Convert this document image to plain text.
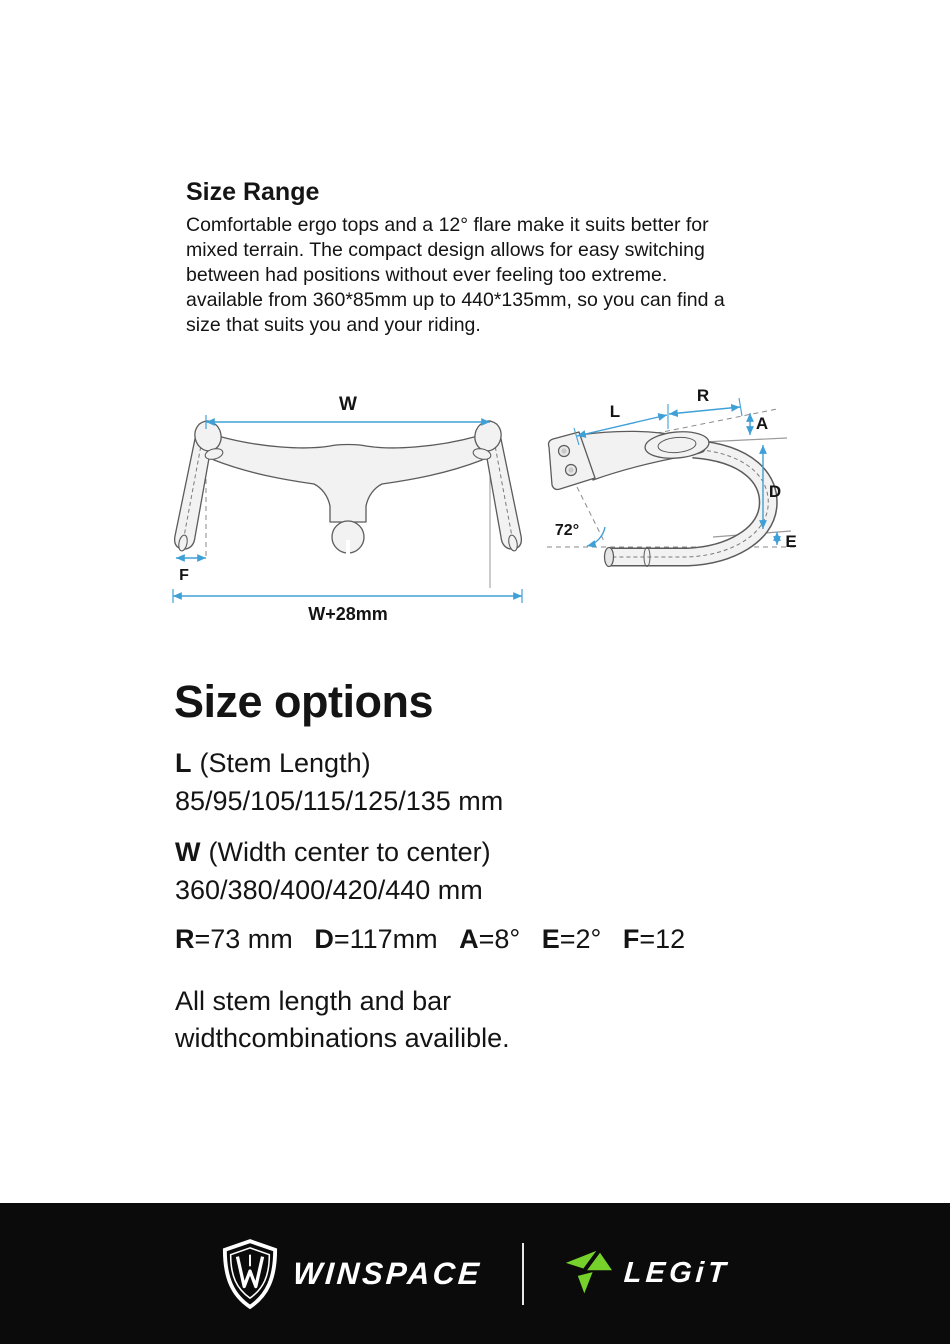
Size Range
Comfortable ergo tops and a 12° flare make it suits better for
mixed terrain. The compact design allows for easy switching
between had positions without ever feeling too extreme.
available from 360*85mm up to 440*135mm, so you can find a
size that suits you and your riding.
W
F
W+28mm
L
R
A
D
E
72°
Size options
L (Stem Length)
85/95/105/115/125/135 mm
W (Width center to center)
360/380/400/420/440 mm
R=73 mm D=117mm A=8° E=2° F=12
All stem length and bar
widthcombinations availible.
WINSPACE	LEGiT
